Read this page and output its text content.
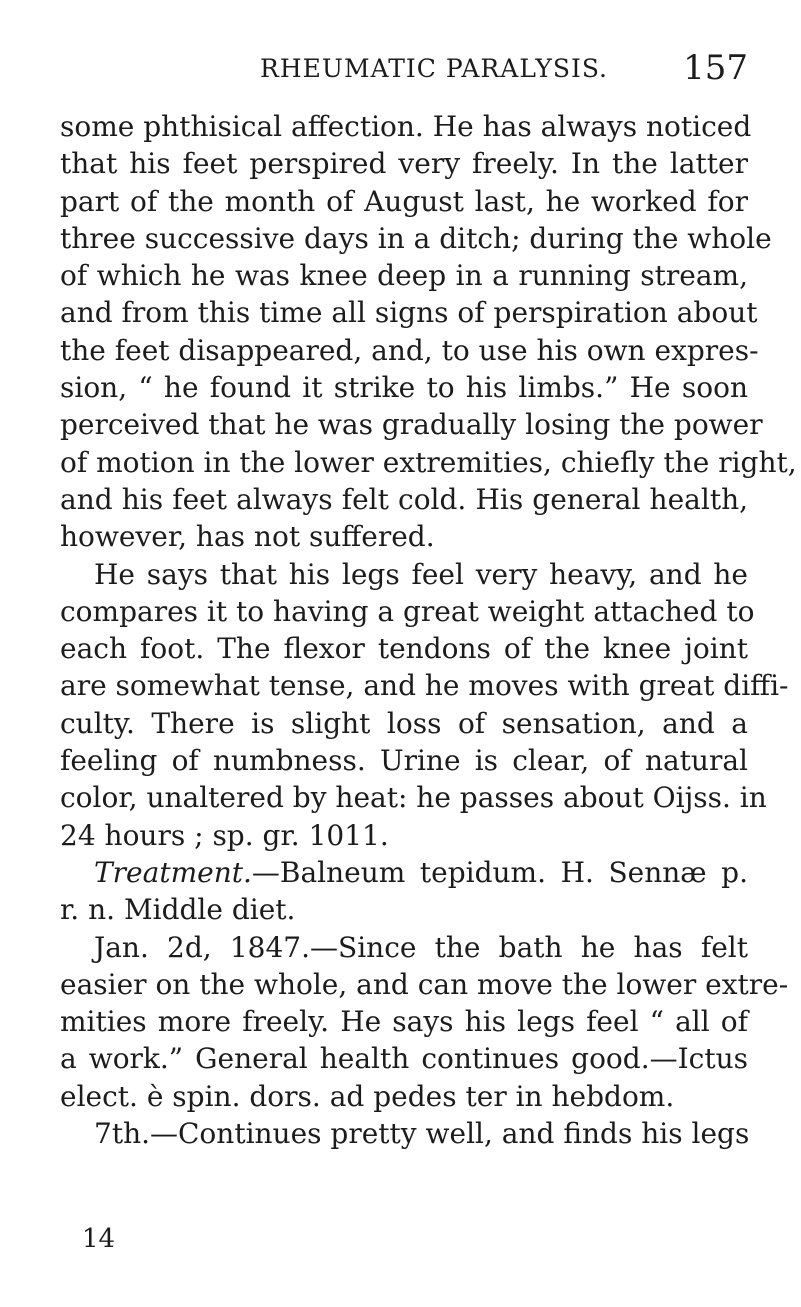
RHEUMATIC PARALYSIS. 157
some phthisical affection. He has always noticed
that his feet perspired very freely. In the latter
part of the month of August last, he worked for
three successive days in a ditch; during the whole
of which he was knee deep in a running stream,
and from this time all signs of perspiration about
the feet disappeared, and, to use his own expres-
sion, “ he found it strike to his limbs.” He soon
perceived that he was gradually losing the power
of motion in the lower extremities, chiefly the right,
and his feet always felt cold. His general health,
however, has not suffered.
He says that his legs feel very heavy, and he
compares it to having a great weight attached to
each foot. The flexor tendons of the knee joint
are somewhat tense, and he moves with great diffi-
culty. There is slight loss of sensation, and a
feeling of numbness. Urine is clear, of natural
color, unaltered by heat: he passes about Oijss. in
24 hours ; sp. gr. 1011.
Treatment.—Balneum tepidum. H. Sennæ p.
r. n. Middle diet.
Jan. 2d, 1847.—Since the bath he has felt
easier on the whole, and can move the lower extre-
mities more freely. He says his legs feel “ all of
a work.” General health continues good.—Ictus
elect. è spin. dors. ad pedes ter in hebdom.
7th.—Continues pretty well, and finds his legs
14
